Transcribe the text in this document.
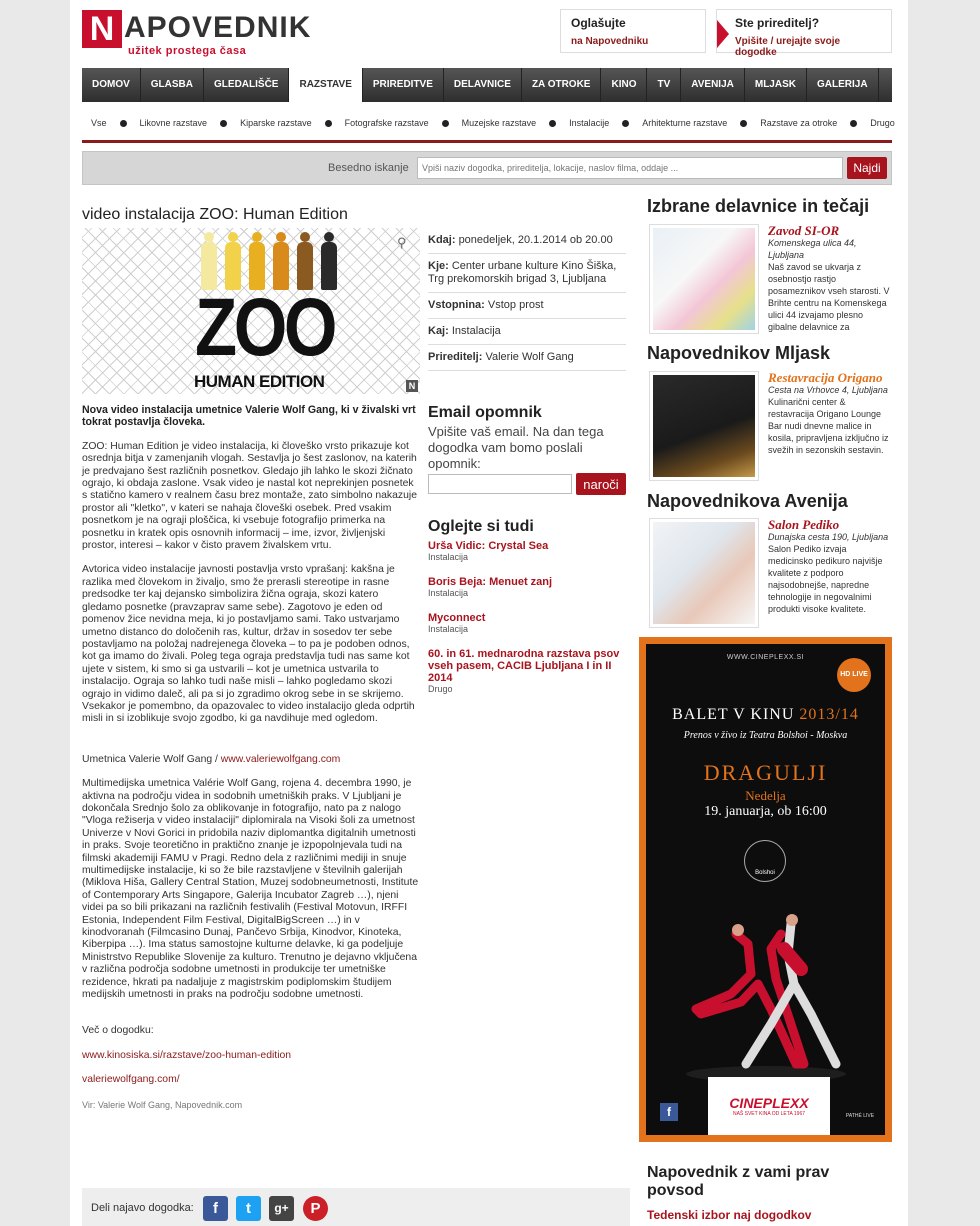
N APOVEDNIK
užitek prostega časa
Oglašujte
na Napovedniku
Ste prireditelj?
Vpišite / urejajte svoje dogodke
DOMOV	GLASBA	GLEDALIŠČE	RAZSTAVE	PRIREDITVE	DELAVNICE	ZA OTROKE	KINO	TV	AVENIJA	MLJASK	GALERIJA
Vse	Likovne razstave	Kiparske razstave	Fotografske razstave	Muzejske razstave	Instalacije	Arhitekturne razstave	Razstave za otroke	Drugo
Besedno iskanje
Vpiši naziv dogodka, prireditelja, lokacije, naslov filma, oddaje ...	Najdi
video instalacija ZOO: Human Edition
ZOO
HUMAN EDITION
⚲
N

Nova video instalacija umetnice Valerie Wolf Gang, ki v živalski vrt tokrat postavlja človeka.

ZOO: Human Edition je video instalacija, ki človeško vrsto prikazuje kot osrednja bitja v zamenjanih vlogah. Sestavlja jo šest zaslonov, na katerih je predvajano šest različnih posnetkov. Gledajo jih lahko le skozi žičnato ograjo, ki obdaja zaslone. Vsak video je nastal kot neprekinjen posnetek s statično kamero v realnem času brez montaže, zato simbolno nakazuje prostor ali "kletko", v kateri se nahaja človeški osebek. Pred vsakim posnetkom je na ograji ploščica, ki vsebuje fotografijo primerka na posnetku in kratek opis osnovnih informacij – ime, izvor, življenjski prostor, interesi – kakor v čisto pravem živalskem vrtu.

Avtorica video instalacije javnosti postavlja vrsto vprašanj: kakšna je razlika med človekom in živaljo, smo že prerasli stereotipe in rasne predsodke ter kaj dejansko simbolizira žična ograja, skozi katero gledamo posnetke (pravzaprav same sebe). Zagotovo je eden od pomenov žice nevidna meja, ki jo postavljamo sami. Tako ustvarjamo umetno distanco do določenih ras, kultur, držav in sosedov ter sebe postavljamo na položaj nadrejenega človeka – to pa je podoben odnos, kot ga imamo do živali. Poleg tega ograja predstavlja tudi nas same kot ujete v sistem, ki smo si ga ustvarili – kot je umetnica ustvarila to instalacijo. Ograja so lahko tudi naše misli – lahko pogledamo skozi ograjo in vidimo daleč, ali pa si jo zgradimo okrog sebe in se skrijemo. Vsekakor je pomembno, da opazovalec to video instalacijo gleda odprtih misli in si izoblikuje svojo zgodbo, ki ga navdihuje med ogledom.

Umetnica Valerie Wolf Gang / www.valeriewolfgang.com

Multimedijska umetnica Valérie Wolf Gang, rojena 4. decembra 1990, je aktivna na področju videa in sodobnih umetniških praks. V Ljubljani je dokončala Srednjo šolo za oblikovanje in fotografijo, nato pa z nalogo "Vloga režiserja v video instalaciji" diplomirala na Visoki šoli za umetnost Univerze v Novi Gorici in pridobila naziv diplomantka digitalnih umetnosti in praks. Svoje teoretično in praktično znanje je izpopolnjevala tudi na filmski akademiji FAMU v Pragi. Redno dela z različnimi mediji in snuje multimedijske instalacije, ki so že bile razstavljene v številnih galerijah (Miklova Hiša, Gallery Central Station, Muzej sodobneumetnosti, Institute of Contemporary Arts Singapore, Galerija Incubator Zagreb …), njeni videi pa so bili prikazani na različnih festivalih (Festival Motovun, IRFFI Estonia, Independent Film Festival, DigitalBigScreen …) in v kinodvoranah (Filmcasino Dunaj, Pančevo Srbija, Kinodvor, Kinoteka, Kiberpipa …). Ima status samostojne kulturne delavke, ki ga podeljuje Ministrstvo Republike Slovenije za kulturo. Trenutno je dejavno vključena v različna področja sodobne umetnosti in produkcije ter umetniške rezidence, hkrati pa nadaljuje z magistrskim podiplomskim študijem medijskih umetnosti in praks na področju sodobne umetnosti.

Več o dogodku:

www.kinosiska.si/razstave/zoo-human-edition

valeriewolfgang.com/

Vir: Valerie Wolf Gang, Napovednik.com

Deli najavo dogodka:	f	t	g+	P
Kdaj: ponedeljek, 20.1.2014 ob 20.00
Kje: Center urbane kulture Kino Šiška, Trg prekomorskih brigad 3, Ljubljana
Vstopnina: Vstop prost
Kaj: Instalacija
Prireditelj: Valerie Wolf Gang
Email opomnik

Vpišite vaš email. Na dan tega dogodka vam bomo poslali opomnik:

naroči
Oglejte si tudi
Urša Vidic: Crystal Sea
Instalacija
Boris Beja: Menuet zanj
Instalacija
Myconnect
Instalacija
60. in 61. mednarodna razstava psov vseh pasem, CACIB Ljubljana I in II 2014
Drugo
Izbrane delavnice in tečaji
Zavod SI-OR
Komenskega ulica 44, Ljubljana
Naš zavod se ukvarja z osebnostjo rastjo posameznikov vseh starosti. V Brihte centru na Komenskega ulici 44 izvajamo plesno gibalne delavnice za
Napovednikov Mljask
Restavracija Origano
Cesta na Vrhovce 4, Ljubljana
Kulinarični center & restavracija Origano Lounge Bar nudi dnevne malice in kosila, pripravljena izključno iz svežih in sezonskih sestavin.
Napovednikova Avenija
Salon Pediko
Dunajska cesta 190, Ljubljana
Salon Pediko izvaja medicinsko pedikuro najvišje kvalitete z podporo najsodobnejše, napredne tehnologije in negovalnimi produkti visoke kvalitete.
WWW.CINEPLEXX.SI
HD LIVE
BALET V KINU 2013/14
Prenos v živo iz Teatra Bolshoi - Moskva
DRAGULJI
Nedelja
19. januarja, ob 16:00
Bolshoi
f
CINEPLEXX
NAŠ SVET KINA OD LETA 1967	PATHÉ LIVE
Napovednik z vami prav povsod
Tedenski izbor naj dogodkov
